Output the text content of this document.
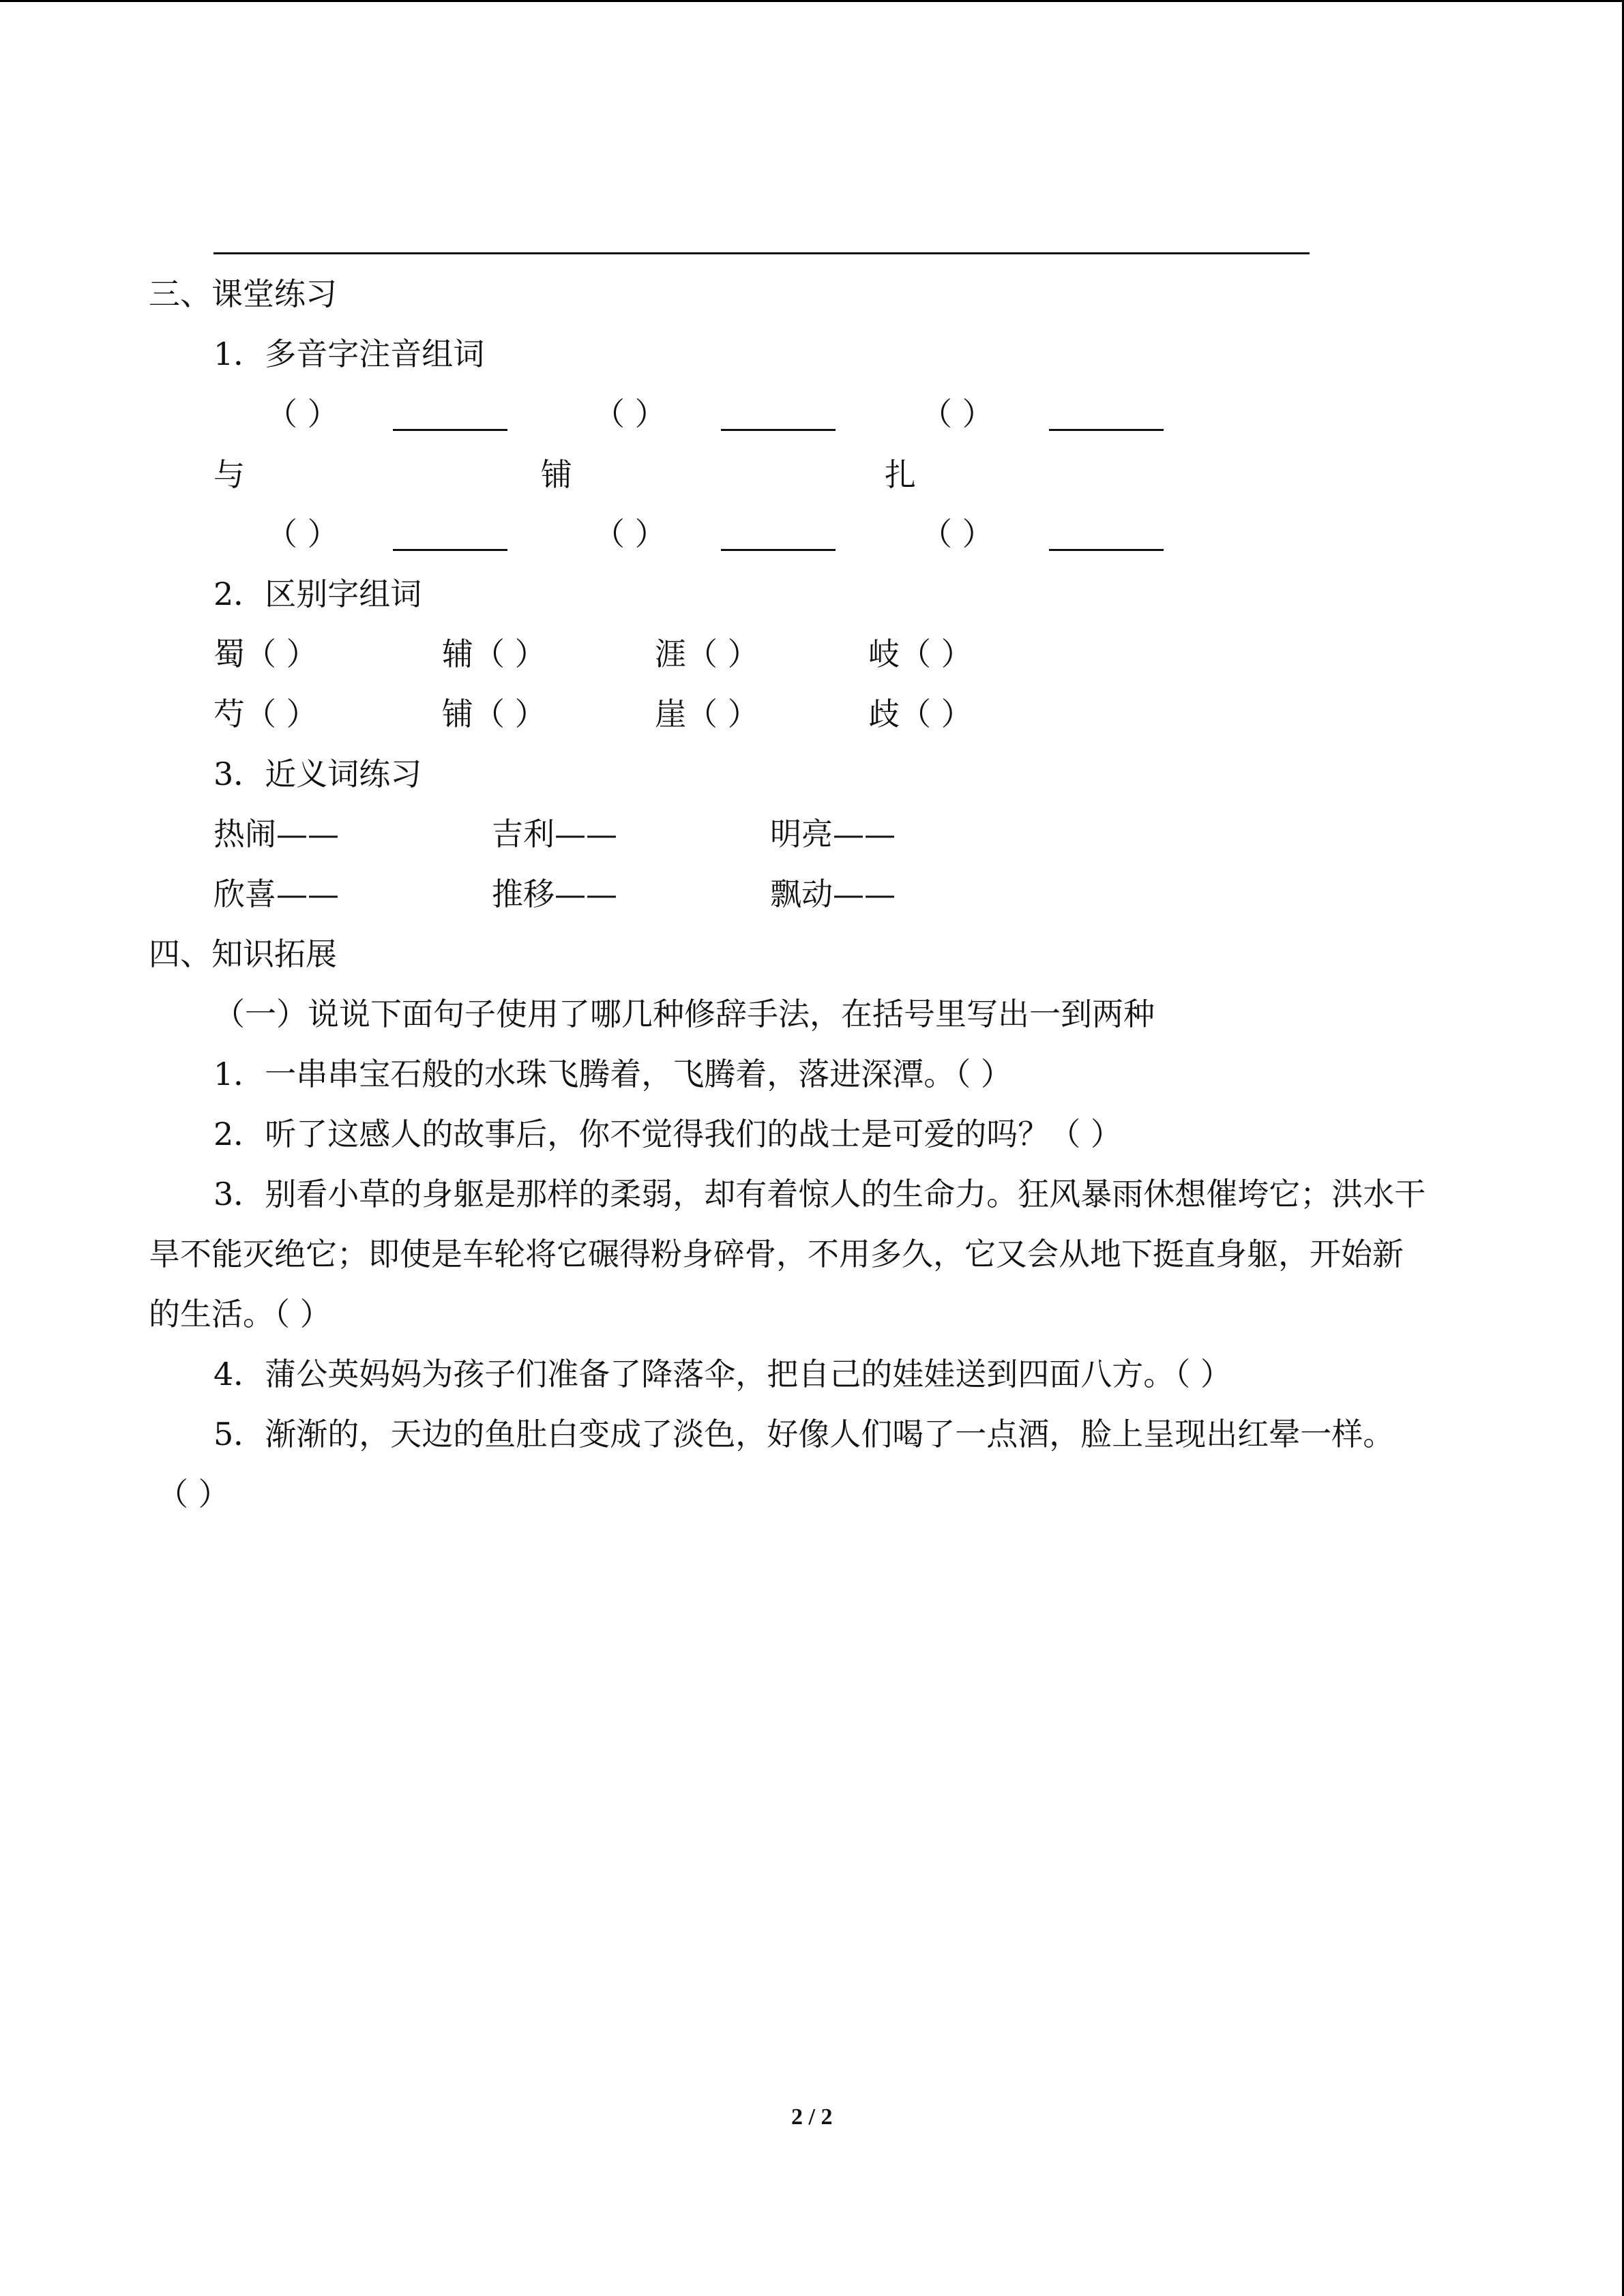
三、课堂练习
1．多音字注音组词
（ ）	（ ）	（ ）
与	铺	扎
（ ）	（ ）	（ ）
2．区别字组词
蜀（ ）	辅（ ）	涯（ ）	岐（ ）
芍（ ）	铺（ ）	崖（ ）	歧（ ）
3．近义词练习
热闹——	吉利——	明亮——
欣喜——	推移——	飘动——
四、知识拓展
（一）说说下面句子使用了哪几种修辞手法，在括号里写出一到两种
1．一串串宝石般的水珠飞腾着，飞腾着，落进深潭。（ ）
2．听了这感人的故事后，你不觉得我们的战士是可爱的吗？（ ）
3．别看小草的身躯是那样的柔弱，却有着惊人的生命力。狂风暴雨休想催垮它；洪水干
旱不能灭绝它；即使是车轮将它碾得粉身碎骨，不用多久，它又会从地下挺直身躯，开始新
的生活。（ ）
4．蒲公英妈妈为孩子们准备了降落伞，把自己的娃娃送到四面八方。（ ）
5．渐渐的，天边的鱼肚白变成了淡色，好像人们喝了一点酒，脸上呈现出红晕一样。
（ ）
2 / 2
